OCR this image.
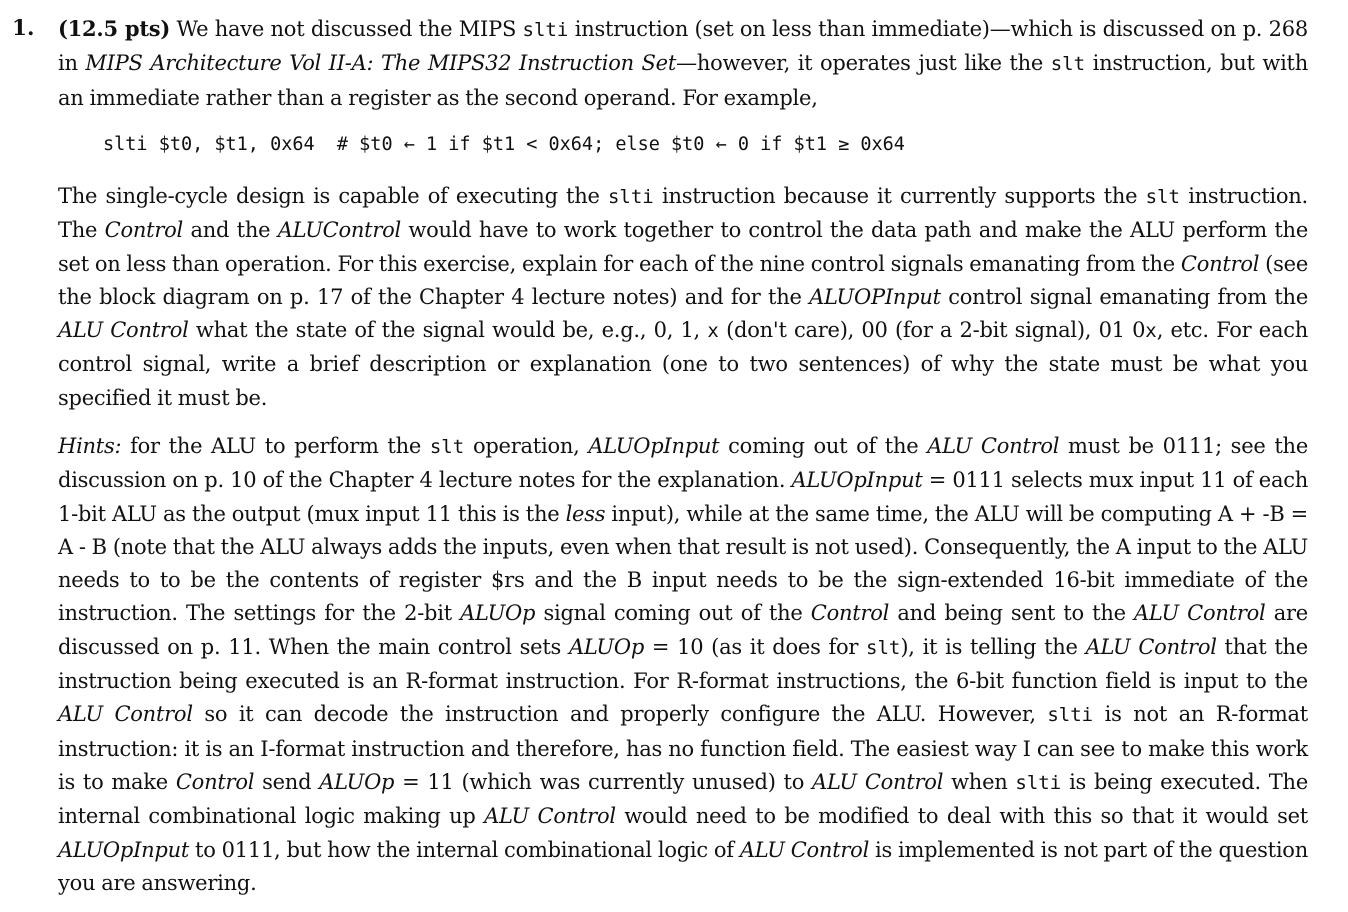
1. (12.5 pts) We have not discussed the MIPS slti instruction (set on less than immediate)—which is discussed on p. 268 in MIPS Architecture Vol II-A: The MIPS32 Instruction Set—however, it operates just like the slt instruction, but with an immediate rather than a register as the second operand. For example,

slti $t0, $t1, 0x64  # $t0 ← 1 if $t1 < 0x64; else $t0 ← 0 if $t1 ≥ 0x64

The single-cycle design is capable of executing the slti instruction because it currently supports the slt instruction. The Control and the ALUControl would have to work together to control the data path and make the ALU perform the set on less than operation. For this exercise, explain for each of the nine control signals emanating from the Control (see the block diagram on p. 17 of the Chapter 4 lecture notes) and for the ALUOPInput control signal emanating from the ALU Control what the state of the signal would be, e.g., 0, 1, x (don't care), 00 (for a 2-bit signal), 01 0x, etc. For each control signal, write a brief description or explanation (one to two sentences) of why the state must be what you specified it must be.

Hints: for the ALU to perform the slt operation, ALUOpInput coming out of the ALU Control must be 0111; see the discussion on p. 10 of the Chapter 4 lecture notes for the explanation. ALUOpInput = 0111 selects mux input 11 of each 1-bit ALU as the output (mux input 11 this is the less input), while at the same time, the ALU will be computing A + -B = A - B (note that the ALU always adds the inputs, even when that result is not used). Consequently, the A input to the ALU needs to to be the contents of register $rs and the B input needs to be the sign-extended 16-bit immediate of the instruction. The settings for the 2-bit ALUOp signal coming out of the Control and being sent to the ALU Control are discussed on p. 11. When the main control sets ALUOp = 10 (as it does for slt), it is telling the ALU Control that the instruction being executed is an R-format instruction. For R-format instructions, the 6-bit function field is input to the ALU Control so it can decode the instruction and properly configure the ALU. However, slti is not an R-format instruction: it is an I-format instruction and therefore, has no function field. The easiest way I can see to make this work is to make Control send ALUOp = 11 (which was currently unused) to ALU Control when slti is being executed. The internal combinational logic making up ALU Control would need to be modified to deal with this so that it would set ALUOpInput to 0111, but how the internal combinational logic of ALU Control is implemented is not part of the question you are answering.
